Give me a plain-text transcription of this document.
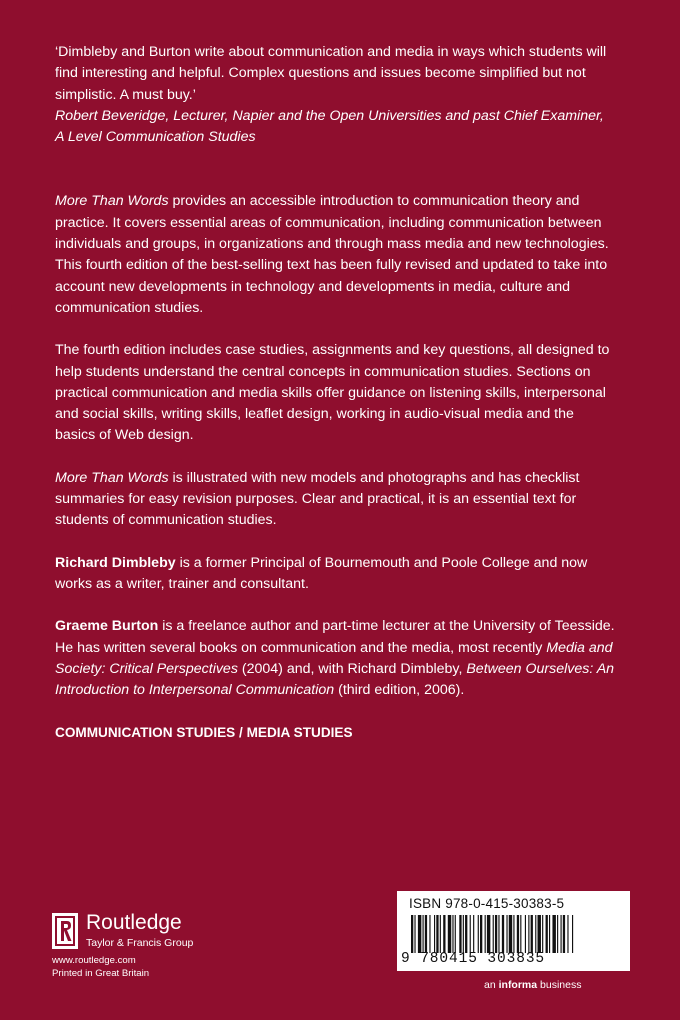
‘Dimbleby and Burton write about communication and media in ways which students will find interesting and helpful. Complex questions and issues become simplified but not simplistic. A must buy.’
Robert Beveridge, Lecturer, Napier and the Open Universities and past Chief Examiner, A Level Communication Studies

More Than Words provides an accessible introduction to communication theory and practice. It covers essential areas of communication, including communication between individuals and groups, in organizations and through mass media and new technologies. This fourth edition of the best-selling text has been fully revised and updated to take into account new developments in technology and developments in media, culture and communication studies.

The fourth edition includes case studies, assignments and key questions, all designed to help students understand the central concepts in communication studies. Sections on practical communication and media skills offer guidance on listening skills, interpersonal and social skills, writing skills, leaflet design, working in audio-visual media and the basics of Web design.

More Than Words is illustrated with new models and photographs and has checklist summaries for easy revision purposes. Clear and practical, it is an essential text for students of communication studies.

Richard Dimbleby is a former Principal of Bournemouth and Poole College and now works as a writer, trainer and consultant.

Graeme Burton is a freelance author and part-time lecturer at the University of Teesside. He has written several books on communication and the media, most recently Media and Society: Critical Perspectives (2004) and, with Richard Dimbleby, Between Ourselves: An Introduction to Interpersonal Communication (third edition, 2006).

COMMUNICATION STUDIES / MEDIA STUDIES

Routledge
Taylor & Francis Group
www.routledge.com
Printed in Great Britain
ISBN 978-0-415-30383-5
9 780415 303835
an informa business
